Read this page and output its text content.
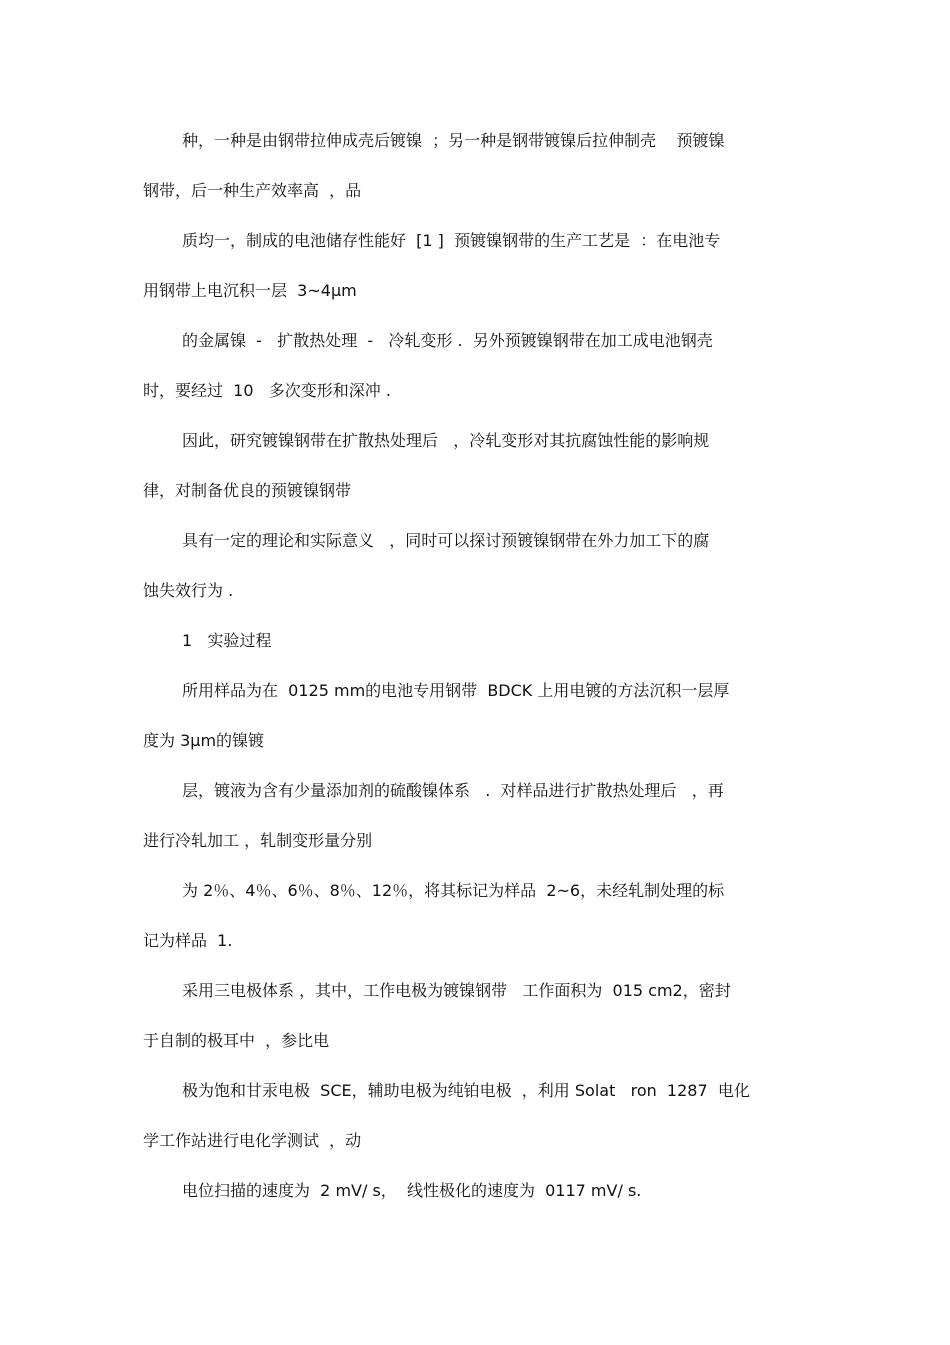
种，一种是由钢带拉伸成壳后镀镍  ；另一种是钢带镀镍后拉伸制壳    预镀镍

钢带，后一种生产效率高  ，品

质均一，制成的电池储存性能好  [1 ]  预镀镍钢带的生产工艺是  ：在电池专

用钢带上电沉积一层  3~4μm

的金属镍  -   扩散热处理  -   冷轧变形 .  另外预镀镍钢带在加工成电池钢壳

时，要经过  10   多次变形和深冲 .

因此，研究镀镍钢带在扩散热处理后   ，冷轧变形对其抗腐蚀性能的影响规

律，对制备优良的预镀镍钢带

具有一定的理论和实际意义   ，同时可以探讨预镀镍钢带在外力加工下的腐

蚀失效行为 .

1   实验过程

所用样品为在  0125 mm的电池专用钢带  BDCK 上用电镀的方法沉积一层厚

度为 3μm的镍镀

层，镀液为含有少量添加剂的硫酸镍体系   .  对样品进行扩散热处理后   ，再

进行冷轧加工 ，轧制变形量分别

为 2％、4％、6％、8％、12％，将其标记为样品  2~6，未经轧制处理的标

记为样品  1.

采用三电极体系 ，其中，工作电极为镀镍钢带   工作面积为  015 cm2，密封

于自制的极耳中  ，参比电

极为饱和甘汞电极  SCE，辅助电极为纯铂电极  ，利用 Solat   ron  1287  电化

学工作站进行电化学测试  ，动

电位扫描的速度为  2 mV/ s，  线性极化的速度为  0117 mV/ s.
